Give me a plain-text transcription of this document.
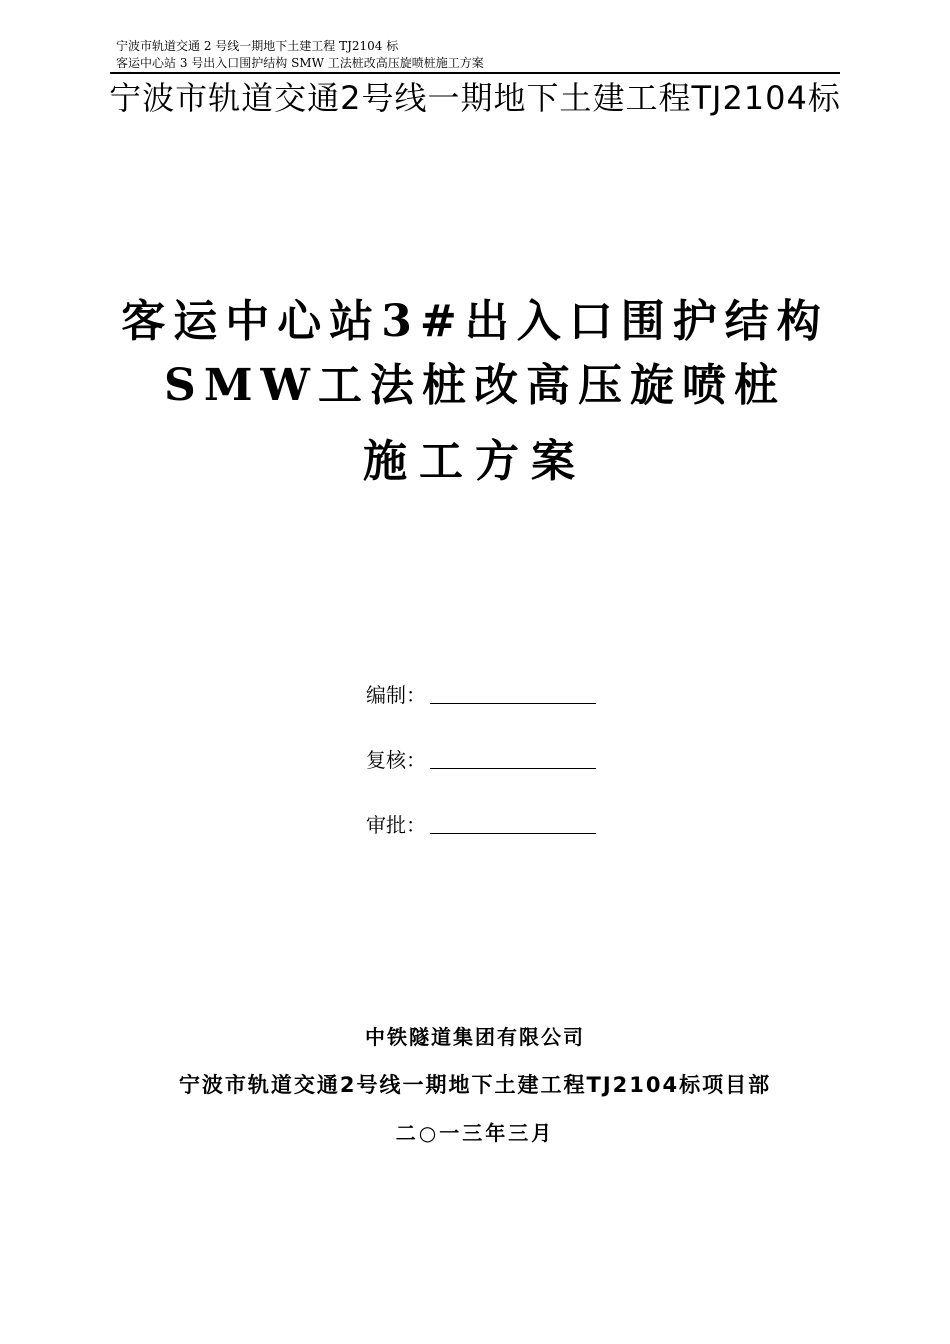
宁波市轨道交通 2 号线一期地下土建工程 TJ2104 标
客运中心站 3 号出入口围护结构 SMW 工法桩改高压旋喷桩施工方案
宁波市轨道交通2号线一期地下土建工程TJ2104标
客运中心站3#出入口围护结构
SMW工法桩改高压旋喷桩
施工方案
编制：
复核：
审批：
中铁隧道集团有限公司
宁波市轨道交通2号线一期地下土建工程TJ2104标项目部
二○一三年三月
